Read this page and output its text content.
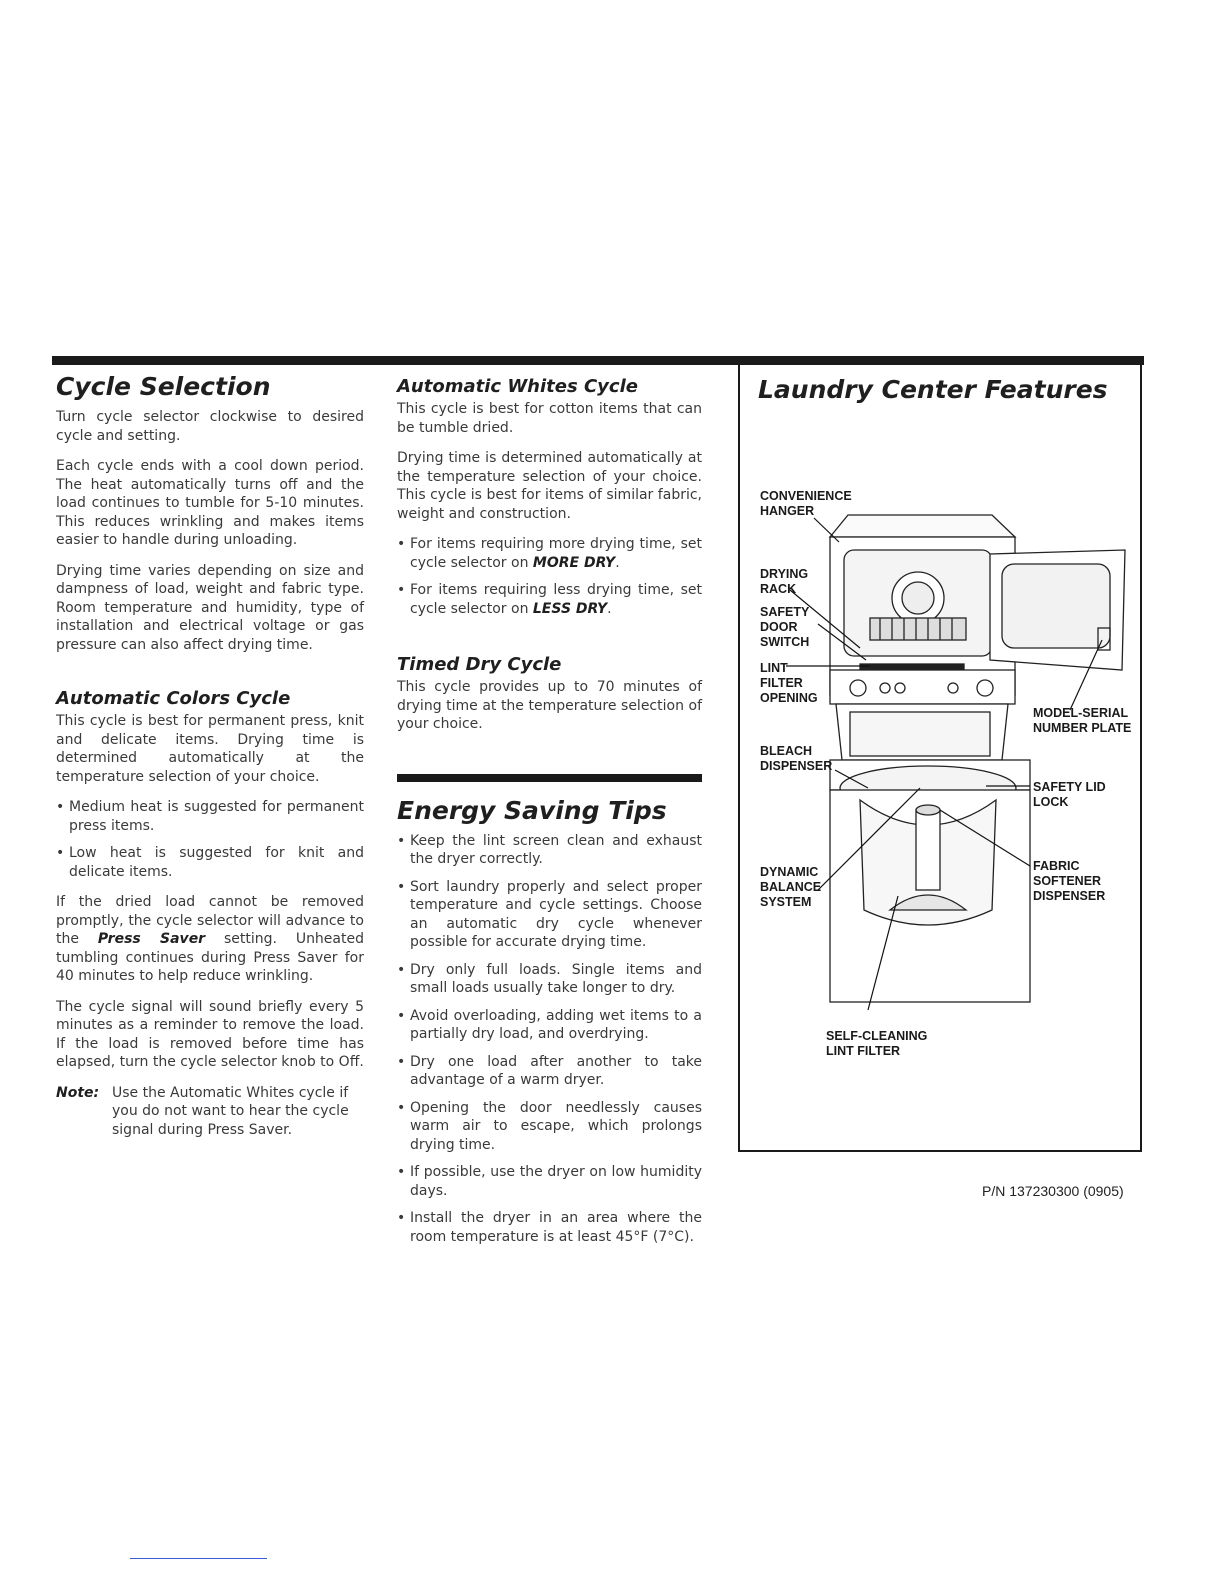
Cycle Selection

Turn cycle selector clockwise to desired cycle and setting.

Each cycle ends with a cool down period. The heat automatically turns off and the load continues to tumble for 5-10 minutes. This reduces wrinkling and makes items easier to handle during unloading.

Drying time varies depending on size and dampness of load, weight and fabric type. Room temperature and humidity, type of installation and electrical voltage or gas pressure can also affect drying time.

Automatic Colors Cycle

This cycle is best for permanent press, knit and delicate items. Drying time is determined automatically at the temperature selection of your choice.

• Medium heat is suggested for permanent press items.
• Low heat is suggested for knit and delicate items.

If the dried load cannot be removed promptly, the cycle selector will advance to the Press Saver setting. Unheated tumbling continues during Press Saver for 40 minutes to help reduce wrinkling.

The cycle signal will sound briefly every 5 minutes as a reminder to remove the load. If the load is removed before time has elapsed, turn the cycle selector knob to Off.

Note: Use the Automatic Whites cycle if you do not want to hear the cycle signal during Press Saver.
Automatic Whites Cycle

This cycle is best for cotton items that can be tumble dried.

Drying time is determined automatically at the temperature selection of your choice. This cycle is best for items of similar fabric, weight and construction.

• For items requiring more drying time, set cycle selector on MORE DRY.
• For items requiring less drying time, set cycle selector on LESS DRY.
Timed Dry Cycle

This cycle provides up to 70 minutes of drying time at the temperature selection of your choice.

Energy Saving Tips
• Keep the lint screen clean and exhaust the dryer correctly.
• Sort laundry properly and select proper temperature and cycle settings. Choose an automatic dry cycle whenever possible for accurate drying time.
• Dry only full loads. Single items and small loads usually take longer to dry.
• Avoid overloading, adding wet items to a partially dry load, and overdrying.
• Dry one load after another to take advantage of a warm dryer.
• Opening the door needlessly causes warm air to escape, which prolongs drying time.
• If possible, use the dryer on low humidity days.
• Install the dryer in an area where the room temperature is at least 45°F (7°C).
Laundry Center Features
CONVENIENCE
HANGER
DRYING
RACK
SAFETY
DOOR
SWITCH
LINT
FILTER
OPENING
MODEL-SERIAL
NUMBER PLATE
BLEACH
DISPENSER
SAFETY LID
LOCK
DYNAMIC
BALANCE
SYSTEM
FABRIC
SOFTENER
DISPENSER
SELF-CLEANING
LINT FILTER
P/N 137230300 (0905)
